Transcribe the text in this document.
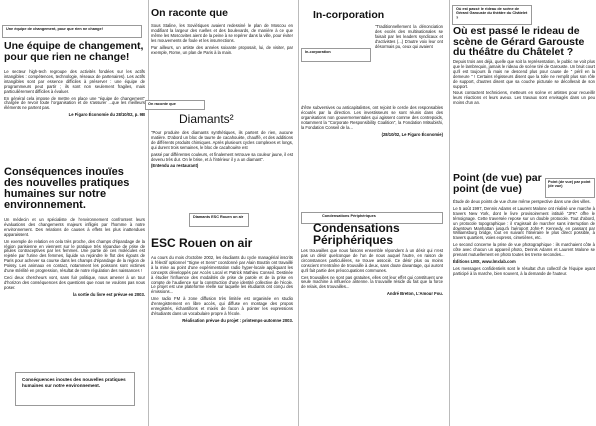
Une équipe de changement, pour que rien ne change!
Une équipe de changement, pour que rien ne change!

Le secteur high-tech regroupe des activités fondées sur les actifs intangibles : compétences, technologie, réseaux de partenaires). Les actifs intangibles sont par essence difficiles à préserver : une équipe de programmeurs peut partir ; ils sont non seulement fragiles, mais particulièrement difficiles à évaluer.

En général cela impose de mettre en place une "équipe de changement" chargée de revoir toute l'organisation et de s'assurer ...que les meilleurs éléments ne partent pas.

Le Figaro Économie du 28/10/02, p. 9B

Conséquences inouïes des nouvelles pratiques humaines sur notre environnement.

Un médecin et un spécialiste de l'environnement confrontent leurs évaluations des changements majeurs infligés par l'homme à notre environnement. Des relations de causes à effets les plus inattendues apparaissent.

Un exemple de relation en cela très proche, des champs d'épandage de la région parisienne en viennent sur le pratique très répandue de prise de pilules contraceptives par les femmes. Une partie de ces molécules est rejetée par l'urine des femmes, liquide va rejoindre le flot des égouts de Paris pour achever sa course dans les champs d'épandage de la région de Poissy. Les animaux en contact, notamment les poissons sont victimes d'une stérilité en progression, résultat de notre régulation des naissances !

Ceci deux chercheurs vont, sans fuir politique, nous amener à un tour d'horizon des conséquences des questions que nous ne voulons pas nous poser.

la sortie du livre est prévue en 2003.

Conséquences inouïes des nouvelles pratiques humaines sur notre environnement.
On raconte que

Sous Staline, les Soviétiques avaient redessiné le plan de Moscou en modifiant la largeur des ruelles et des boulevards, de manière à ce que même les Moscovites aient de la peine à se repérer dans la ville, pour éviter les mouvements de foule et les insurrections.

Par ailleurs, un artiste des années soixante proposait, lui, de visiter, par exemple, Rome, un plan de Paris à la main.

On raconte que
Diamants²

"Pour produire des diamants synthétiques, ils partent de rien, aucune matière. D'abord un bloc de taurre de cacahouète, chauffé, et des additions de différents produits chimiques. Après plusieurs cycles complexes et longs, qui durent trois semaines, le bloc de cacahouète est

passé par différentes couleurs, et finalement retrouve sa couleur jaune, il est devenu très dur. On le brise, et à l'intérieur il y a un diamant".

(Entendu au restaurant)

Diamants ESC Rouen on air
ESC Rouen on air

Au cours du mois d'octobre 2002, les étudiants du cycle managérial inscrits à l'électif optionnel "Signe et Sens" coordonné par Alain Bouttin ont travaillé à la mise au point d'une expérimentation radio hyper-locale appliquant les concepts développés par Accès Local et Patrick Mathieu Conseil. Destinée à étudier l'influence des modalités de prise de parole et de la prise en compte de l'audience sur la construction d'une identité collective de l'école. Le projet est une plateforme réelle sur laquelle les étudiants ont conçu des émissions...

Une radio FM à zone diffusion très limitée est organisée en studio d'enregistrement en libre accès, qui diffuse en montage des propos enregistrés, échantillons et mixés de facon à pointer les expressions d'étudiants dans un vocabulaire propre à l'école.

Réalisation prévue du projet : printemps-automne 2003.

In-corporation

"Traditionnellement la dénonciation des excès des multinationales se faisait par les leaders syndicaux et d'activistes (...) D'autre voix leur ont désormais pu, ceux qui avaient

In-corporation

d'être subversives ou anticapitalistes, ont rejoint le cercle des responsables écoutés par la direction. Les investisseurs se sont réunis dans des organisations non gouvernementales qui agissent comme des contrepoids, notamment la "Corporate Responsibility Coalition", la Fondation Mitsubishi, la Fondation Conseil de la...

(28/10/02, Le Figaro Économie)

Condensations Périphériques
Condensations Périphériques

Les trouvailles que nous faisons ensemble répondent à un désir qui n'est pas un désir quelconque de l'un de nous auquel l'autre, en raison de circonstances particulières, se trouve associé. Ce désir plus ou moins conscient m'entraîne de trouvaille à deux, sans doute davantage, qui auront qu'il fait partie des préoccupations communes.

Ces trouvailles ne sont pas gratuites, elles ont leur effet qui constituent une seule machine à influence antenne. la trouvaille réside du fait que la force de relais, des trouvailles...

André Breton, L'Amour Fou.

Où est passé le rideau de scène de Gérard Garouste du théâtre du Châtelet ?
Où est passé le rideau de scène de Gérard Garouste du théâtre du Châtelet ?

Depuis trois ans déjà, quelle que soit la représentation, le public ne voit plus que le lambrequin, jamais le rideau de scène tiré de Garouste. Un bruit court qu'il est toujours là mais ne descend plus pour cause de " péril en la demeure " ! Certains régisseurs disent que la toile ne remplit plus son rôle de support, d'autres disent que sa couche picturale se décollerait de son support.

Nous contactent techniciens, metteurs en scène et artistes pour recueillir leurs réactions et leurs aveux. Les travaux sont envisagés dans un peu moins d'un an.

Point (de vue) par point (de vue)
Point (de vue) par point (de vue)

Étude de deux points de vue d'une même perspective dans une des villes.

Le 5 août 1997, Dennis Adams et Laurent Malone ont réalisé une marche à travers New York, dont le livre provisoirement intitulé "JFK" offre le témoignage. Cette traversée repose sur un double protocole. Tout d'abord, un protocole topographique : il s'agissait de marcher sans interruption de downtown Manhattan jusqu'à l'aéroport John-F. Kennedy, en passant par Williamsburg bridge, tout en suivant l'itinéraire le plus direct possible, à travers quartiers, voies express, cimetières, etc.

Le second concerne la prise de vue photographique : ils marchaient côte à côte avec chacun un appareil photo, Dennis Adams et Laurent Malone se prenant mutuellement en photo toutes les trente secondes...

Éditions LMX, www.lmxlab.com

Les messages confidentiels sont le résultat d'un collectif de l'équipe ayant participé à la marche, bien souvent, à la demande de l'auteur.
